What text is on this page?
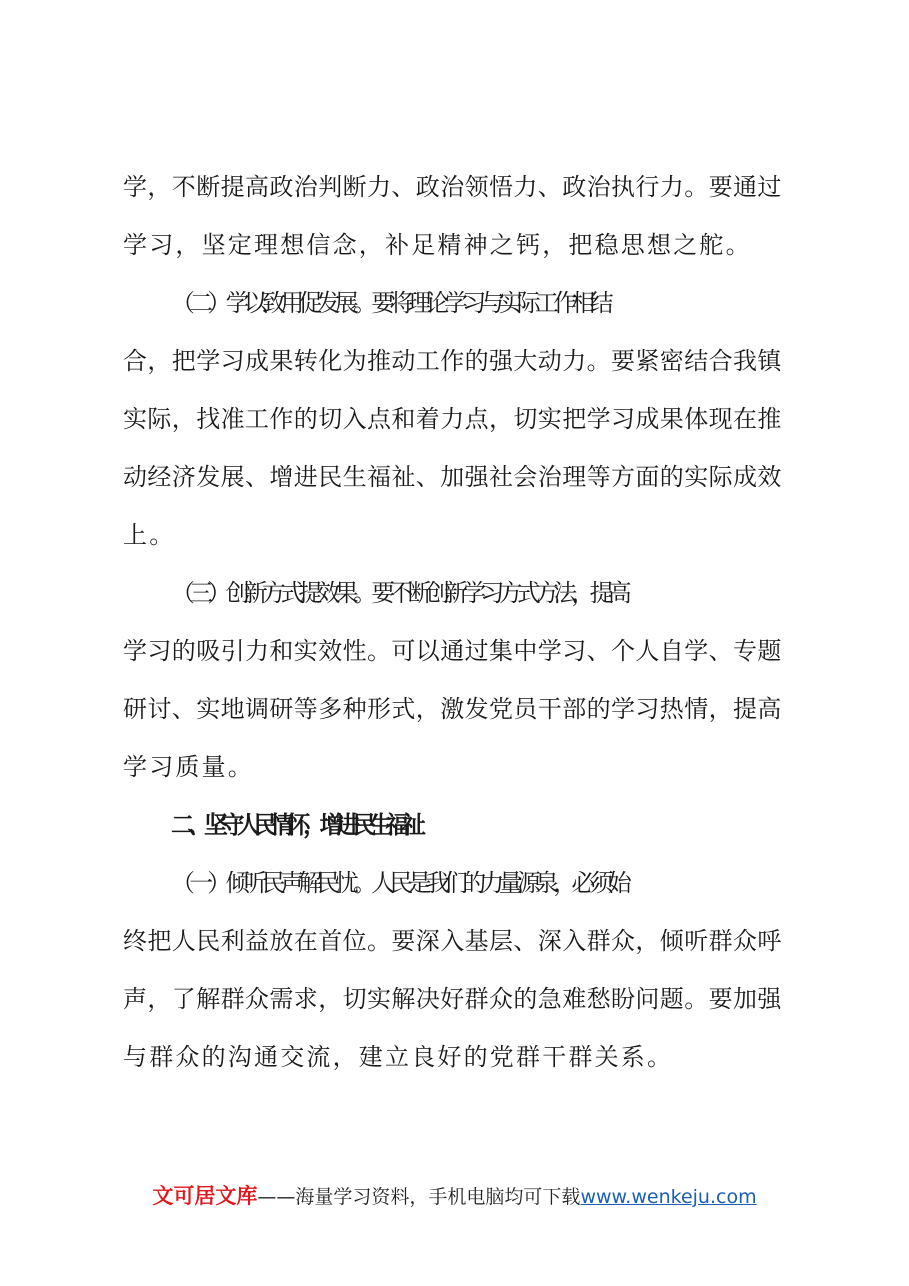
学，不断提高政治判断力、政治领悟力、政治执行力。要通过
学习，坚定理想信念，补足精神之钙，把稳思想之舵。
（二）学以致用促发展。要将理论学习与实际工作相结
合，把学习成果转化为推动工作的强大动力。要紧密结合我镇
实际，找准工作的切入点和着力点，切实把学习成果体现在推
动经济发展、增进民生福祉、加强社会治理等方面的实际成效
上。
（三）创新方式提效果。要不断创新学习方式方法，提高
学习的吸引力和实效性。可以通过集中学习、个人自学、专题
研讨、实地调研等多种形式，激发党员干部的学习热情，提高
学习质量。
二、坚守人民情怀，增进民生福祉
（一）倾听民声解民忧。人民是我们的力量源泉，必须始
终把人民利益放在首位。要深入基层、深入群众，倾听群众呼
声，了解群众需求，切实解决好群众的急难愁盼问题。要加强
与群众的沟通交流，建立良好的党群干群关系。
文可居文库——海量学习资料，手机电脑均可下载www.wenkeju.com
